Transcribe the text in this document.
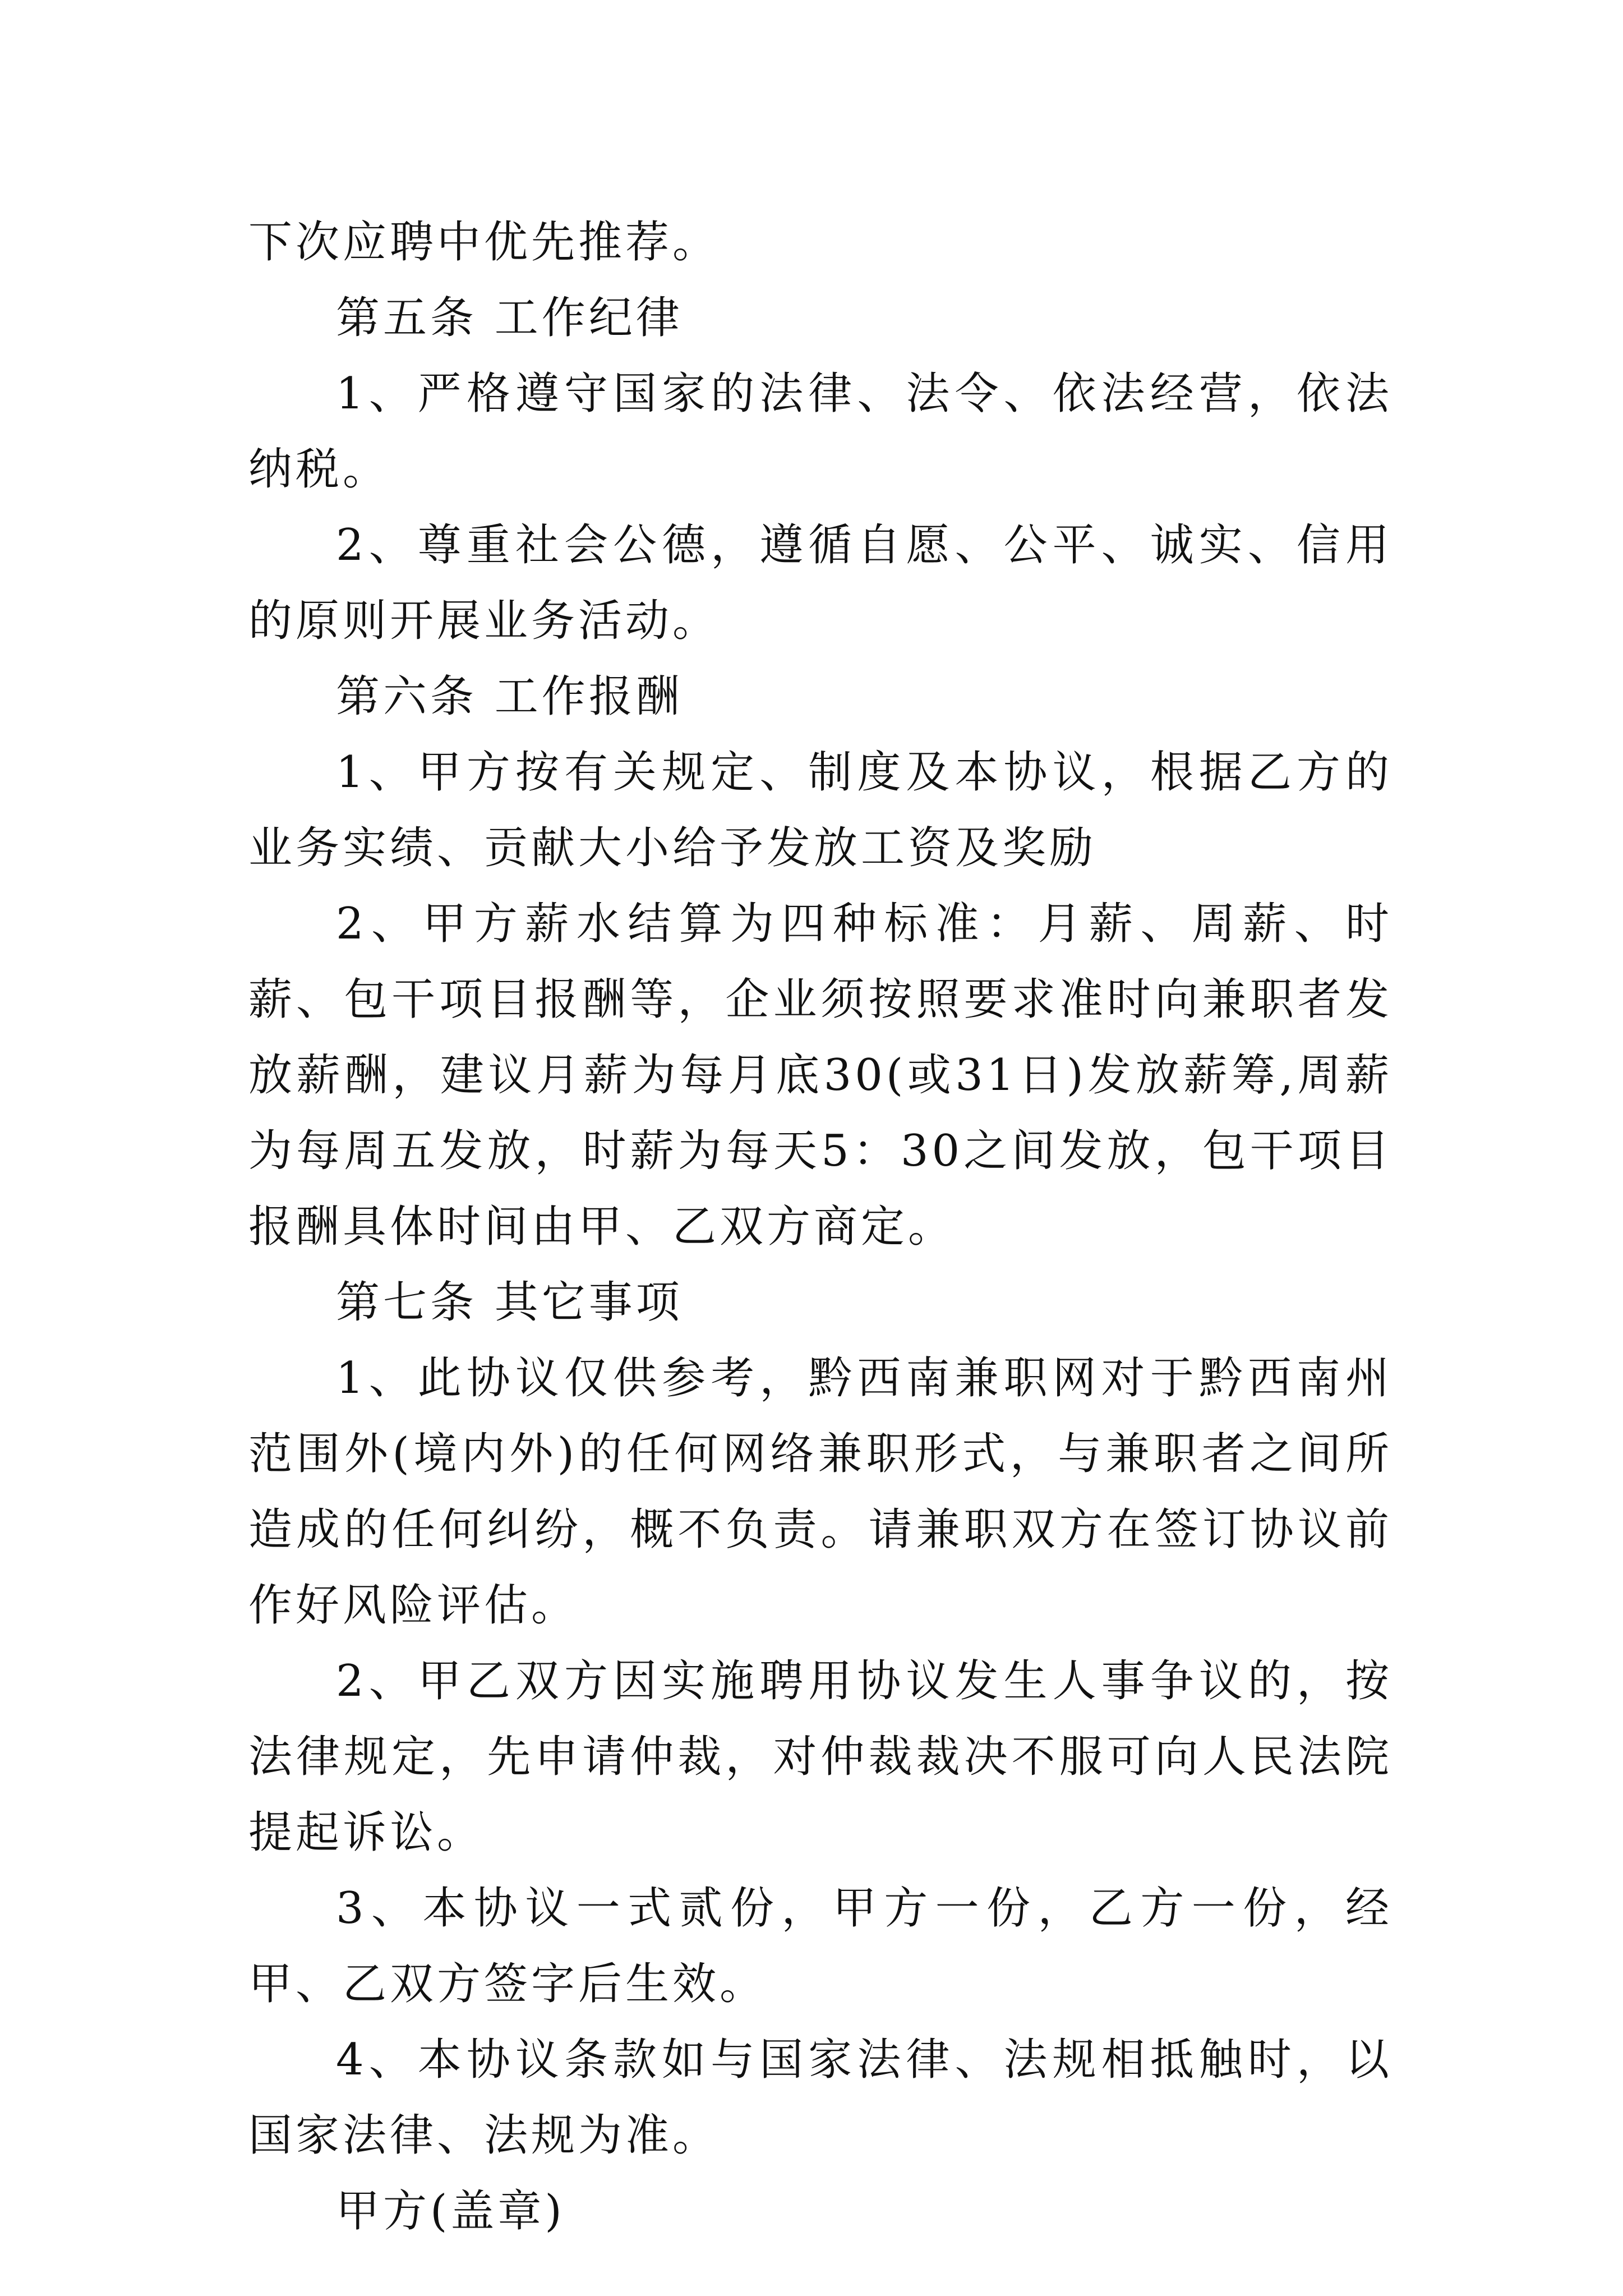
下次应聘中优先推荐。

第五条 工作纪律

1、严格遵守国家的法律、法令、依法经营，依法纳税。

2、尊重社会公德，遵循自愿、公平、诚实、信用的原则开展业务活动。

第六条 工作报酬

1、甲方按有关规定、制度及本协议，根据乙方的业务实绩、贡献大小给予发放工资及奖励

2、甲方薪水结算为四种标准：月薪、周薪、时薪、包干项目报酬等，企业须按照要求准时向兼职者发放薪酬，建议月薪为每月底30(或31日)发放薪筹,周薪为每周五发放，时薪为每天5：30之间发放，包干项目报酬具体时间由甲、乙双方商定。

第七条 其它事项

1、此协议仅供参考，黔西南兼职网对于黔西南州范围外(境内外)的任何网络兼职形式，与兼职者之间所造成的任何纠纷，概不负责。请兼职双方在签订协议前作好风险评估。

2、甲乙双方因实施聘用协议发生人事争议的，按法律规定，先申请仲裁，对仲裁裁决不服可向人民法院提起诉讼。

3、本协议一式贰份，甲方一份，乙方一份，经甲、乙双方签字后生效。

4、本协议条款如与国家法律、法规相抵触时，以国家法律、法规为准。

甲方(盖章)
